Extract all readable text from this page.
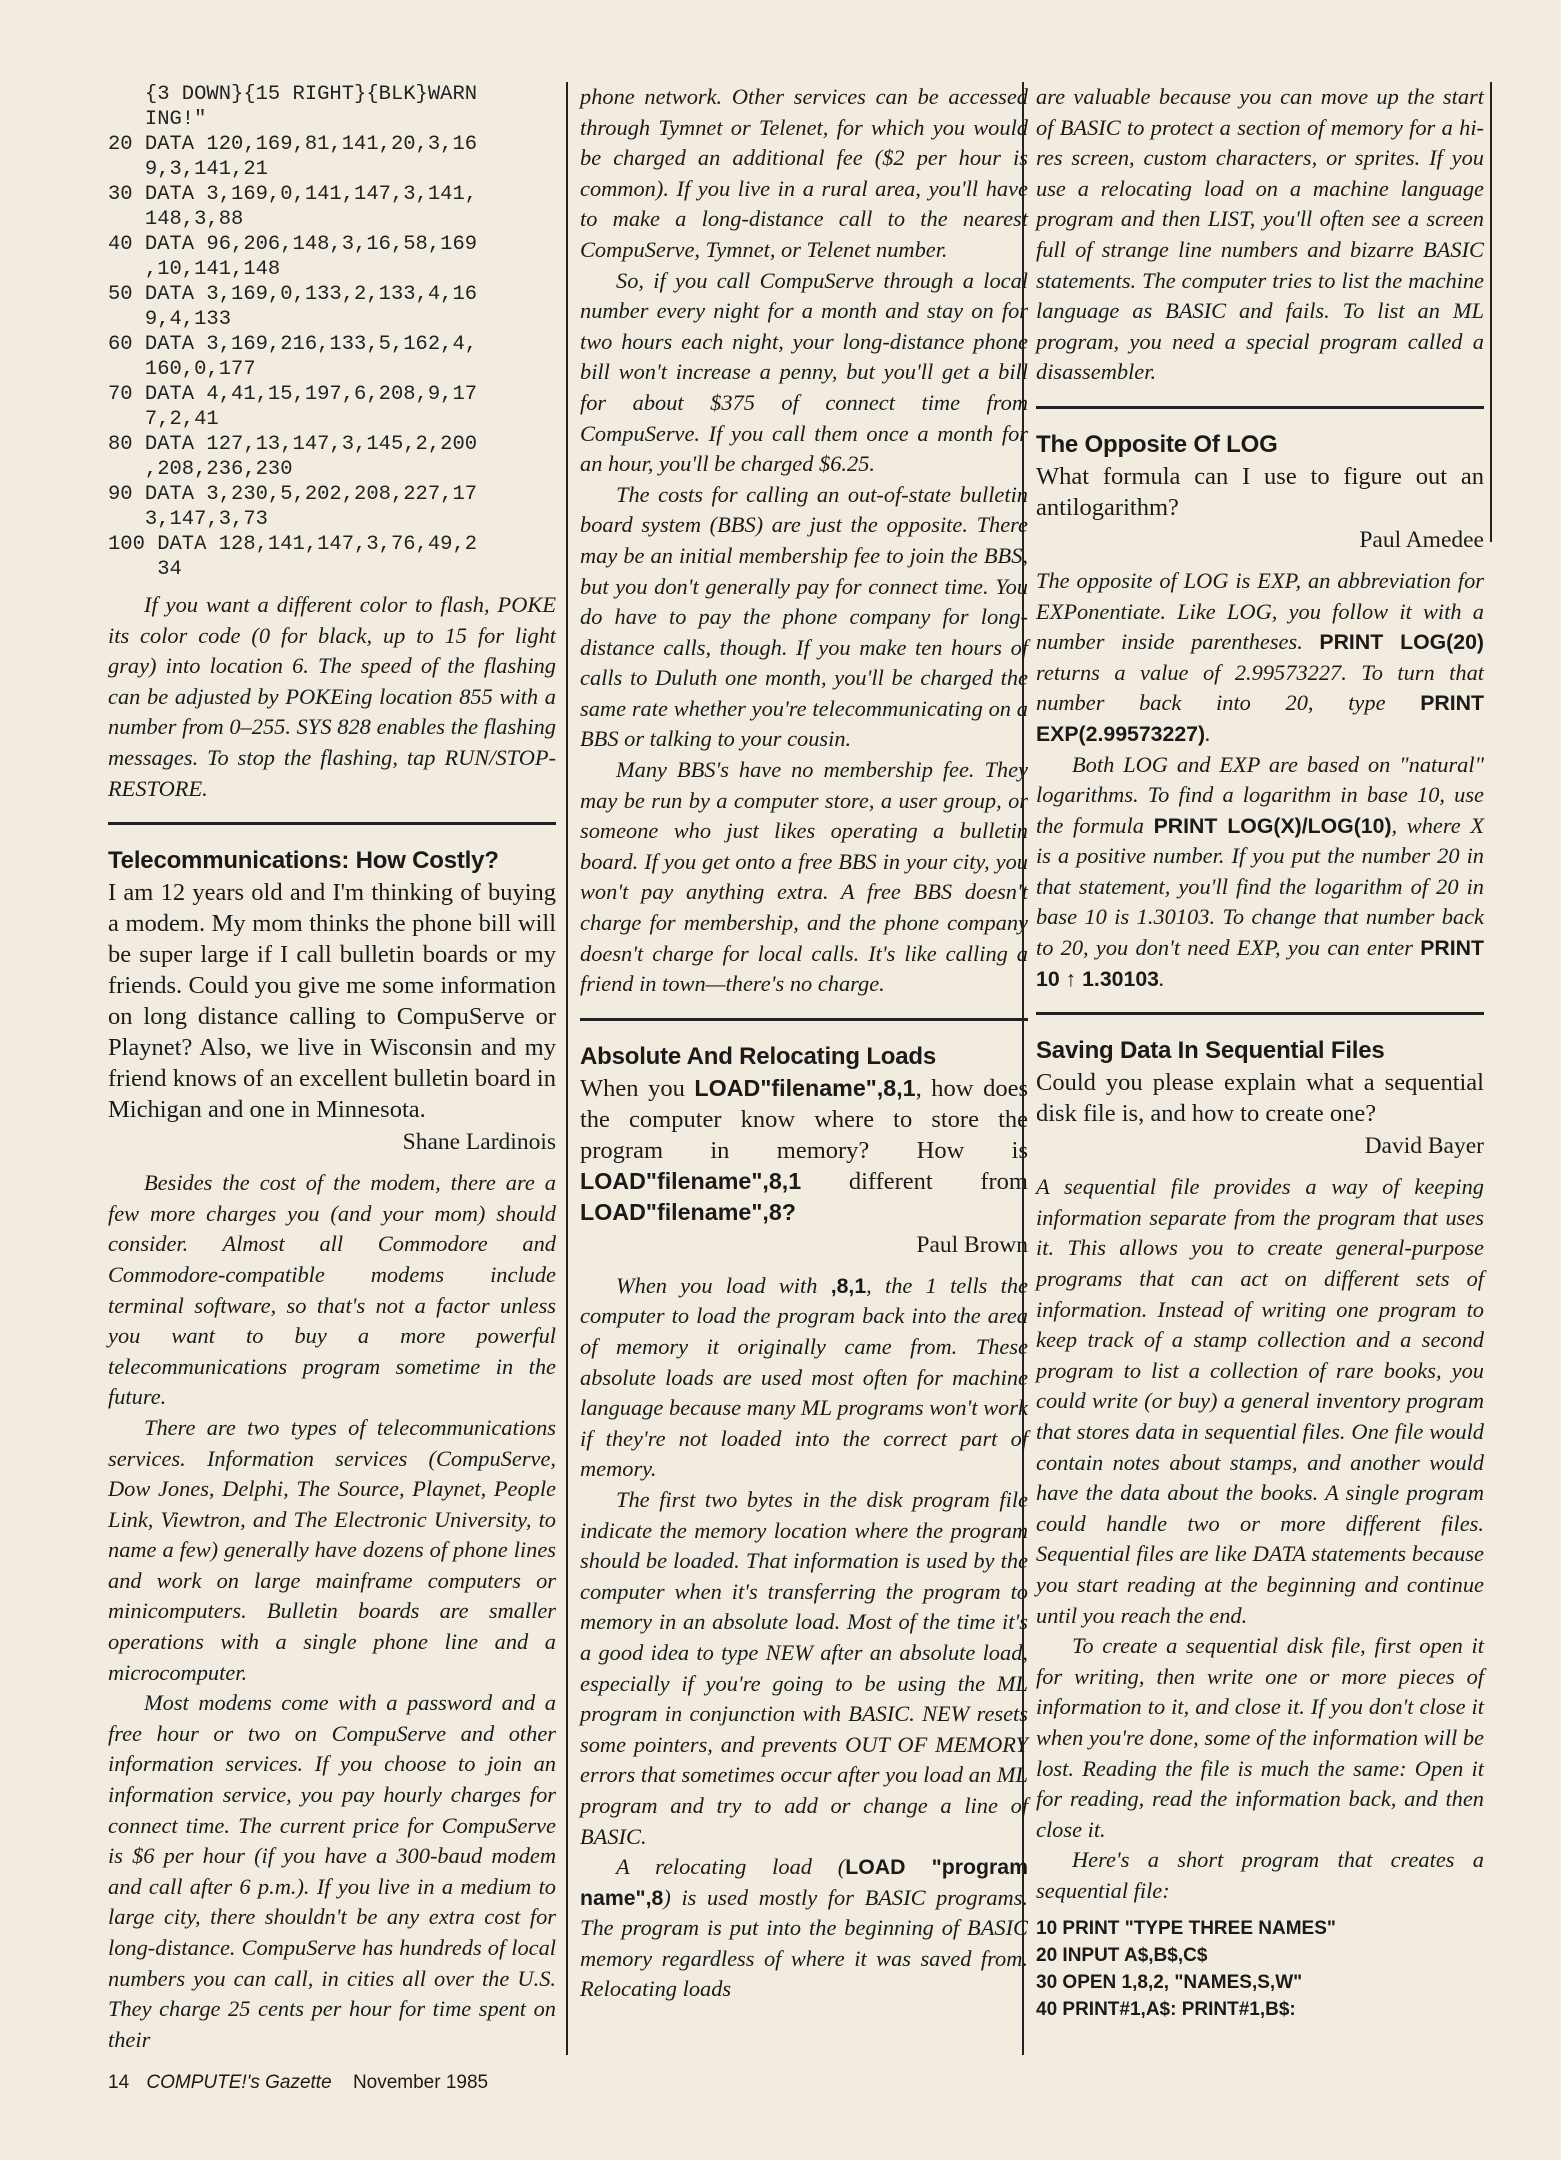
{3 DOWN}{15 RIGHT}{BLK}WARN
ING!"
20 DATA 120,169,81,141,20,3,16
9,3,141,21
30 DATA 3,169,0,141,147,3,141,
148,3,88
40 DATA 96,206,148,3,16,58,169
,10,141,148
50 DATA 3,169,0,133,2,133,4,16
9,4,133
60 DATA 3,169,216,133,5,162,4,
160,0,177
70 DATA 4,41,15,197,6,208,9,17
7,2,41
80 DATA 127,13,147,3,145,2,200
,208,236,230
90 DATA 3,230,5,202,208,227,17
3,147,3,73
100 DATA 128,141,147,3,76,49,2
34

If you want a different color to flash, POKE its color code (0 for black, up to 15 for light gray) into location 6. The speed of the flashing can be adjusted by POKEing location 855 with a number from 0–255. SYS 828 enables the flashing messages. To stop the flashing, tap RUN/STOP-RESTORE.

Telecommunications: How Costly?

I am 12 years old and I'm thinking of buying a modem. My mom thinks the phone bill will be super large if I call bulletin boards or my friends. Could you give me some information on long distance calling to CompuServe or Playnet? Also, we live in Wisconsin and my friend knows of an excellent bulletin board in Michigan and one in Minnesota.

Shane Lardinois

Besides the cost of the modem, there are a few more charges you (and your mom) should consider. Almost all Commodore and Commodore-compatible modems include terminal software, so that's not a factor unless you want to buy a more powerful telecommunications program sometime in the future.

There are two types of telecommunications services. Information services (CompuServe, Dow Jones, Delphi, The Source, Playnet, People Link, Viewtron, and The Electronic University, to name a few) generally have dozens of phone lines and work on large mainframe computers or minicomputers. Bulletin boards are smaller operations with a single phone line and a microcomputer.

Most modems come with a password and a free hour or two on CompuServe and other information services. If you choose to join an information service, you pay hourly charges for connect time. The current price for CompuServe is $6 per hour (if you have a 300-baud modem and call after 6 p.m.). If you live in a medium to large city, there shouldn't be any extra cost for long-distance. CompuServe has hundreds of local numbers you can call, in cities all over the U.S. They charge 25 cents per hour for time spent on their

phone network. Other services can be accessed through Tymnet or Telenet, for which you would be charged an additional fee ($2 per hour is common). If you live in a rural area, you'll have to make a long-distance call to the nearest CompuServe, Tymnet, or Telenet number.

So, if you call CompuServe through a local number every night for a month and stay on for two hours each night, your long-distance phone bill won't increase a penny, but you'll get a bill for about $375 of connect time from CompuServe. If you call them once a month for an hour, you'll be charged $6.25.

The costs for calling an out-of-state bulletin board system (BBS) are just the opposite. There may be an initial membership fee to join the BBS, but you don't generally pay for connect time. You do have to pay the phone company for long-distance calls, though. If you make ten hours of calls to Duluth one month, you'll be charged the same rate whether you're telecommunicating on a BBS or talking to your cousin.

Many BBS's have no membership fee. They may be run by a computer store, a user group, or someone who just likes operating a bulletin board. If you get onto a free BBS in your city, you won't pay anything extra. A free BBS doesn't charge for membership, and the phone company doesn't charge for local calls. It's like calling a friend in town—there's no charge.

Absolute And Relocating Loads

When you LOAD"filename",8,1, how does the computer know where to store the program in memory? How is LOAD"filename",8,1 different from LOAD"filename",8?

Paul Brown

When you load with ,8,1, the 1 tells the computer to load the program back into the area of memory it originally came from. These absolute loads are used most often for machine language because many ML programs won't work if they're not loaded into the correct part of memory.

The first two bytes in the disk program file indicate the memory location where the program should be loaded. That information is used by the computer when it's transferring the program to memory in an absolute load. Most of the time it's a good idea to type NEW after an absolute load, especially if you're going to be using the ML program in conjunction with BASIC. NEW resets some pointers, and prevents OUT OF MEMORY errors that sometimes occur after you load an ML program and try to add or change a line of BASIC.

A relocating load (LOAD "program name",8) is used mostly for BASIC programs. The program is put into the beginning of BASIC memory regardless of where it was saved from. Relocating loads

are valuable because you can move up the start of BASIC to protect a section of memory for a hi-res screen, custom characters, or sprites. If you use a relocating load on a machine language program and then LIST, you'll often see a screen full of strange line numbers and bizarre BASIC statements. The computer tries to list the machine language as BASIC and fails. To list an ML program, you need a special program called a disassembler.

The Opposite Of LOG

What formula can I use to figure out an antilogarithm?

Paul Amedee

The opposite of LOG is EXP, an abbreviation for EXPonentiate. Like LOG, you follow it with a number inside parentheses. PRINT LOG(20) returns a value of 2.99573227. To turn that number back into 20, type PRINT EXP(2.99573227).

Both LOG and EXP are based on "natural" logarithms. To find a logarithm in base 10, use the formula PRINT LOG(X)/LOG(10), where X is a positive number. If you put the number 20 in that statement, you'll find the logarithm of 20 in base 10 is 1.30103. To change that number back to 20, you don't need EXP, you can enter PRINT 10 ↑ 1.30103.

Saving Data In Sequential Files

Could you please explain what a sequential disk file is, and how to create one?

David Bayer

A sequential file provides a way of keeping information separate from the program that uses it. This allows you to create general-purpose programs that can act on different sets of information. Instead of writing one program to keep track of a stamp collection and a second program to list a collection of rare books, you could write (or buy) a general inventory program that stores data in sequential files. One file would contain notes about stamps, and another would have the data about the books. A single program could handle two or more different files. Sequential files are like DATA statements because you start reading at the beginning and continue until you reach the end.

To create a sequential disk file, first open it for writing, then write one or more pieces of information to it, and close it. If you don't close it when you're done, some of the information will be lost. Reading the file is much the same: Open it for reading, read the information back, and then close it.

Here's a short program that creates a sequential file:

10 PRINT "TYPE THREE NAMES"
20 INPUT A$,B$,C$
30 OPEN 1,8,2, "NAMES,S,W"
40 PRINT#1,A$: PRINT#1,B$:
14 COMPUTE!'s Gazette November 1985
